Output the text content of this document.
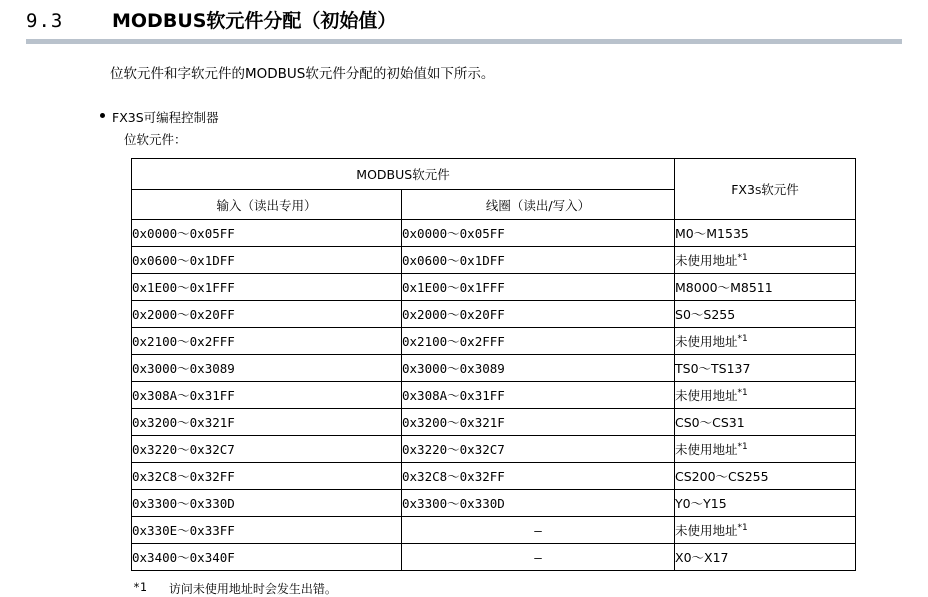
9.3	MODBUS软元件分配（初始值）
位软元件和字软元件的MODBUS软元件分配的初始值如下所示。
FX3S可编程控制器
位软元件：
MODBUS软元件		FX3S软元件
输入（读出专用）	线圈（读出/写入）	
0x0000～0x05FF	0x0000～0x05FF	M0～M1535
0x0600～0x1DFF	0x0600～0x1DFF	未使用地址$^{*1}$
0x1E00～0x1FFF	0x1E00～0x1FFF	M8000～M8511
0x2000～0x20FF	0x2000～0x20FF	S0～S255
0x2100～0x2FFF	0x2100～0x2FFF	未使用地址$^{*1}$
0x3000～0x3089	0x3000～0x3089	TS0～TS137
0x308A～0x31FF	0x308A～0x31FF	未使用地址$^{*1}$
0x3200～0x321F	0x3200～0x321F	CS0～CS31
0x3220～0x32C7	0x3220～0x32C7	未使用地址$^{*1}$
0x32C8～0x32FF	0x32C8～0x32FF	CS200～CS255
0x3300～0x330D	0x3300～0x330D	Y0～Y15
0x330E～0x33FF	–	未使用地址$^{*1}$
0x3400～0x340F	–	X0～X17
*1 访问未使用地址时会发生出错。
